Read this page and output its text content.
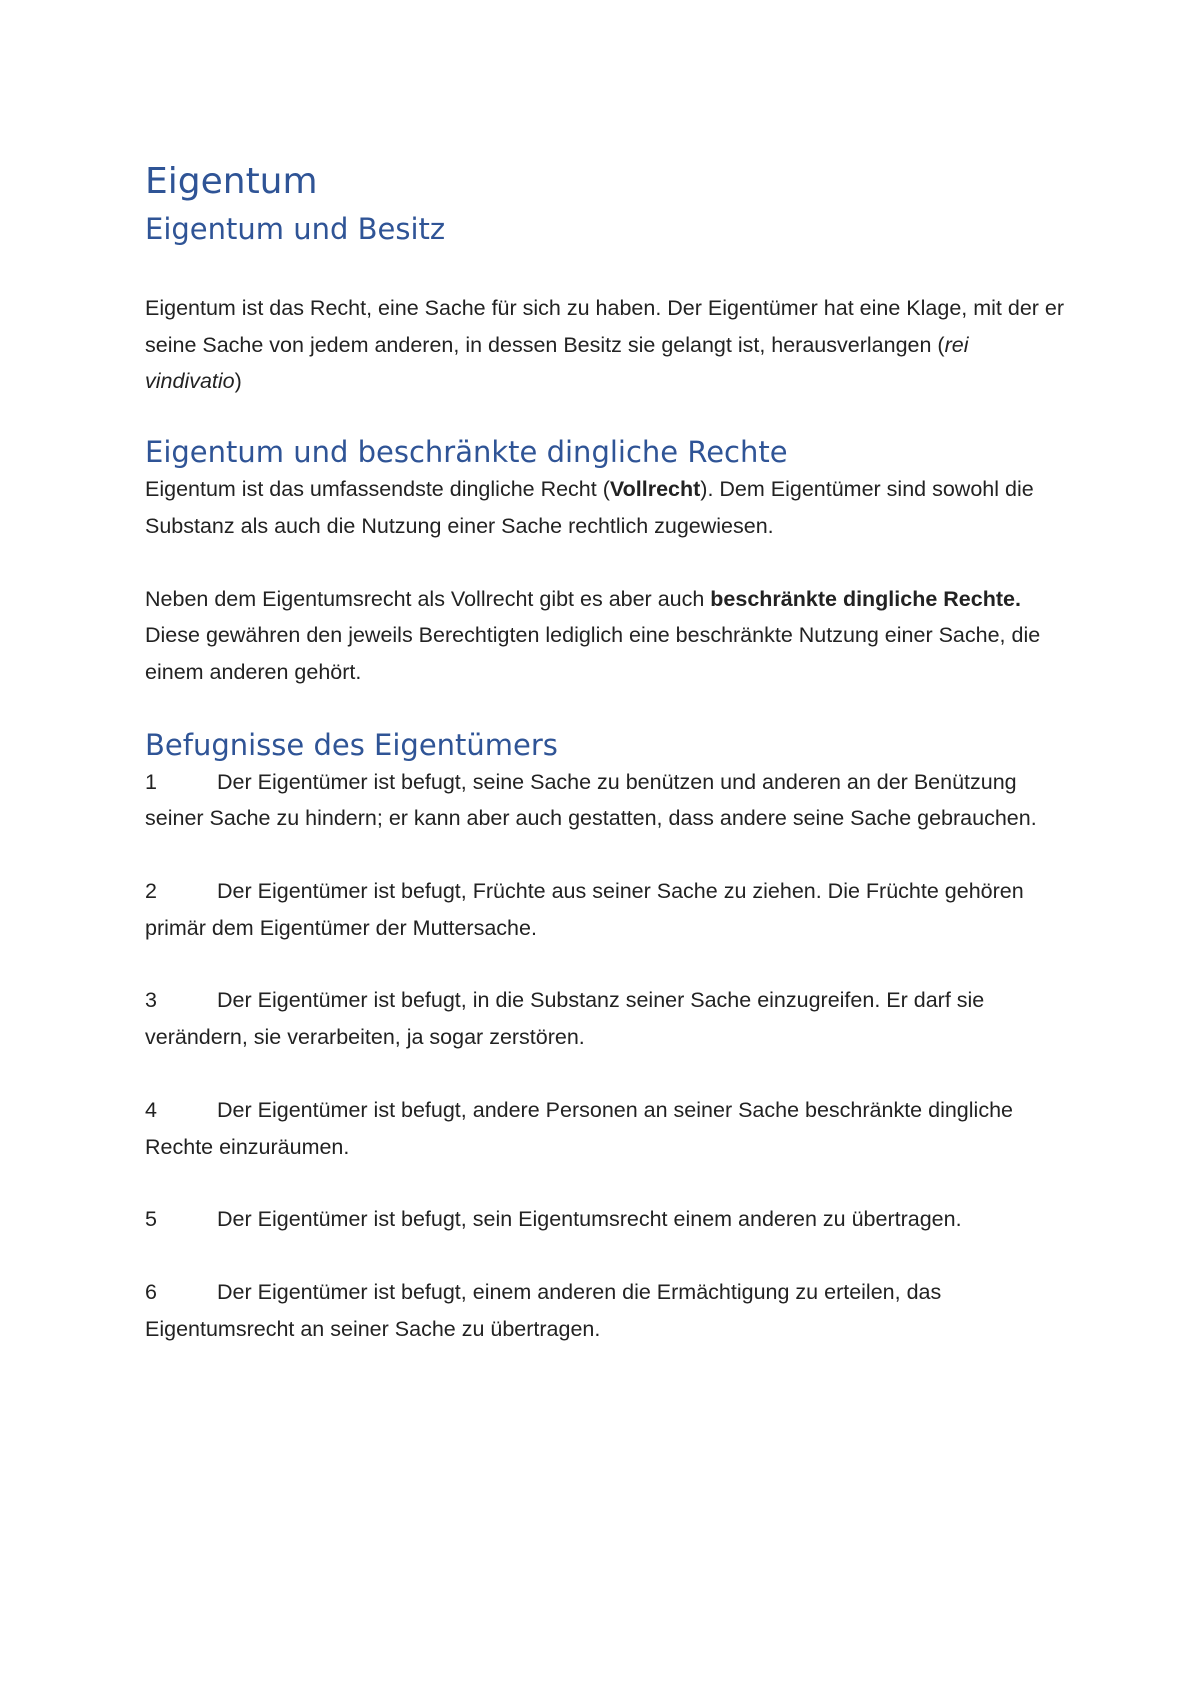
Eigentum
Eigentum und Besitz

Eigentum ist das Recht, eine Sache für sich zu haben. Der Eigentümer hat eine Klage, mit der er seine Sache von jedem anderen, in dessen Besitz sie gelangt ist, herausverlangen (rei vindivatio)

Eigentum und beschränkte dingliche Rechte

Eigentum ist das umfassendste dingliche Recht (Vollrecht). Dem Eigentümer sind sowohl die Substanz als auch die Nutzung einer Sache rechtlich zugewiesen.

Neben dem Eigentumsrecht als Vollrecht gibt es aber auch beschränkte dingliche Rechte. Diese gewähren den jeweils Berechtigten lediglich eine beschränkte Nutzung einer Sache, die einem anderen gehört.

Befugnisse des Eigentümers

1	Der Eigentümer ist befugt, seine Sache zu benützen und anderen an der Benützung seiner Sache zu hindern; er kann aber auch gestatten, dass andere seine Sache gebrauchen.

2	Der Eigentümer ist befugt, Früchte aus seiner Sache zu ziehen. Die Früchte gehören primär dem Eigentümer der Muttersache.

3	Der Eigentümer ist befugt, in die Substanz seiner Sache einzugreifen. Er darf sie verändern, sie verarbeiten, ja sogar zerstören.

4	Der Eigentümer ist befugt, andere Personen an seiner Sache beschränkte dingliche Rechte einzuräumen.

5	Der Eigentümer ist befugt, sein Eigentumsrecht einem anderen zu übertragen.

6	Der Eigentümer ist befugt, einem anderen die Ermächtigung zu erteilen, das Eigentumsrecht an seiner Sache zu übertragen.
